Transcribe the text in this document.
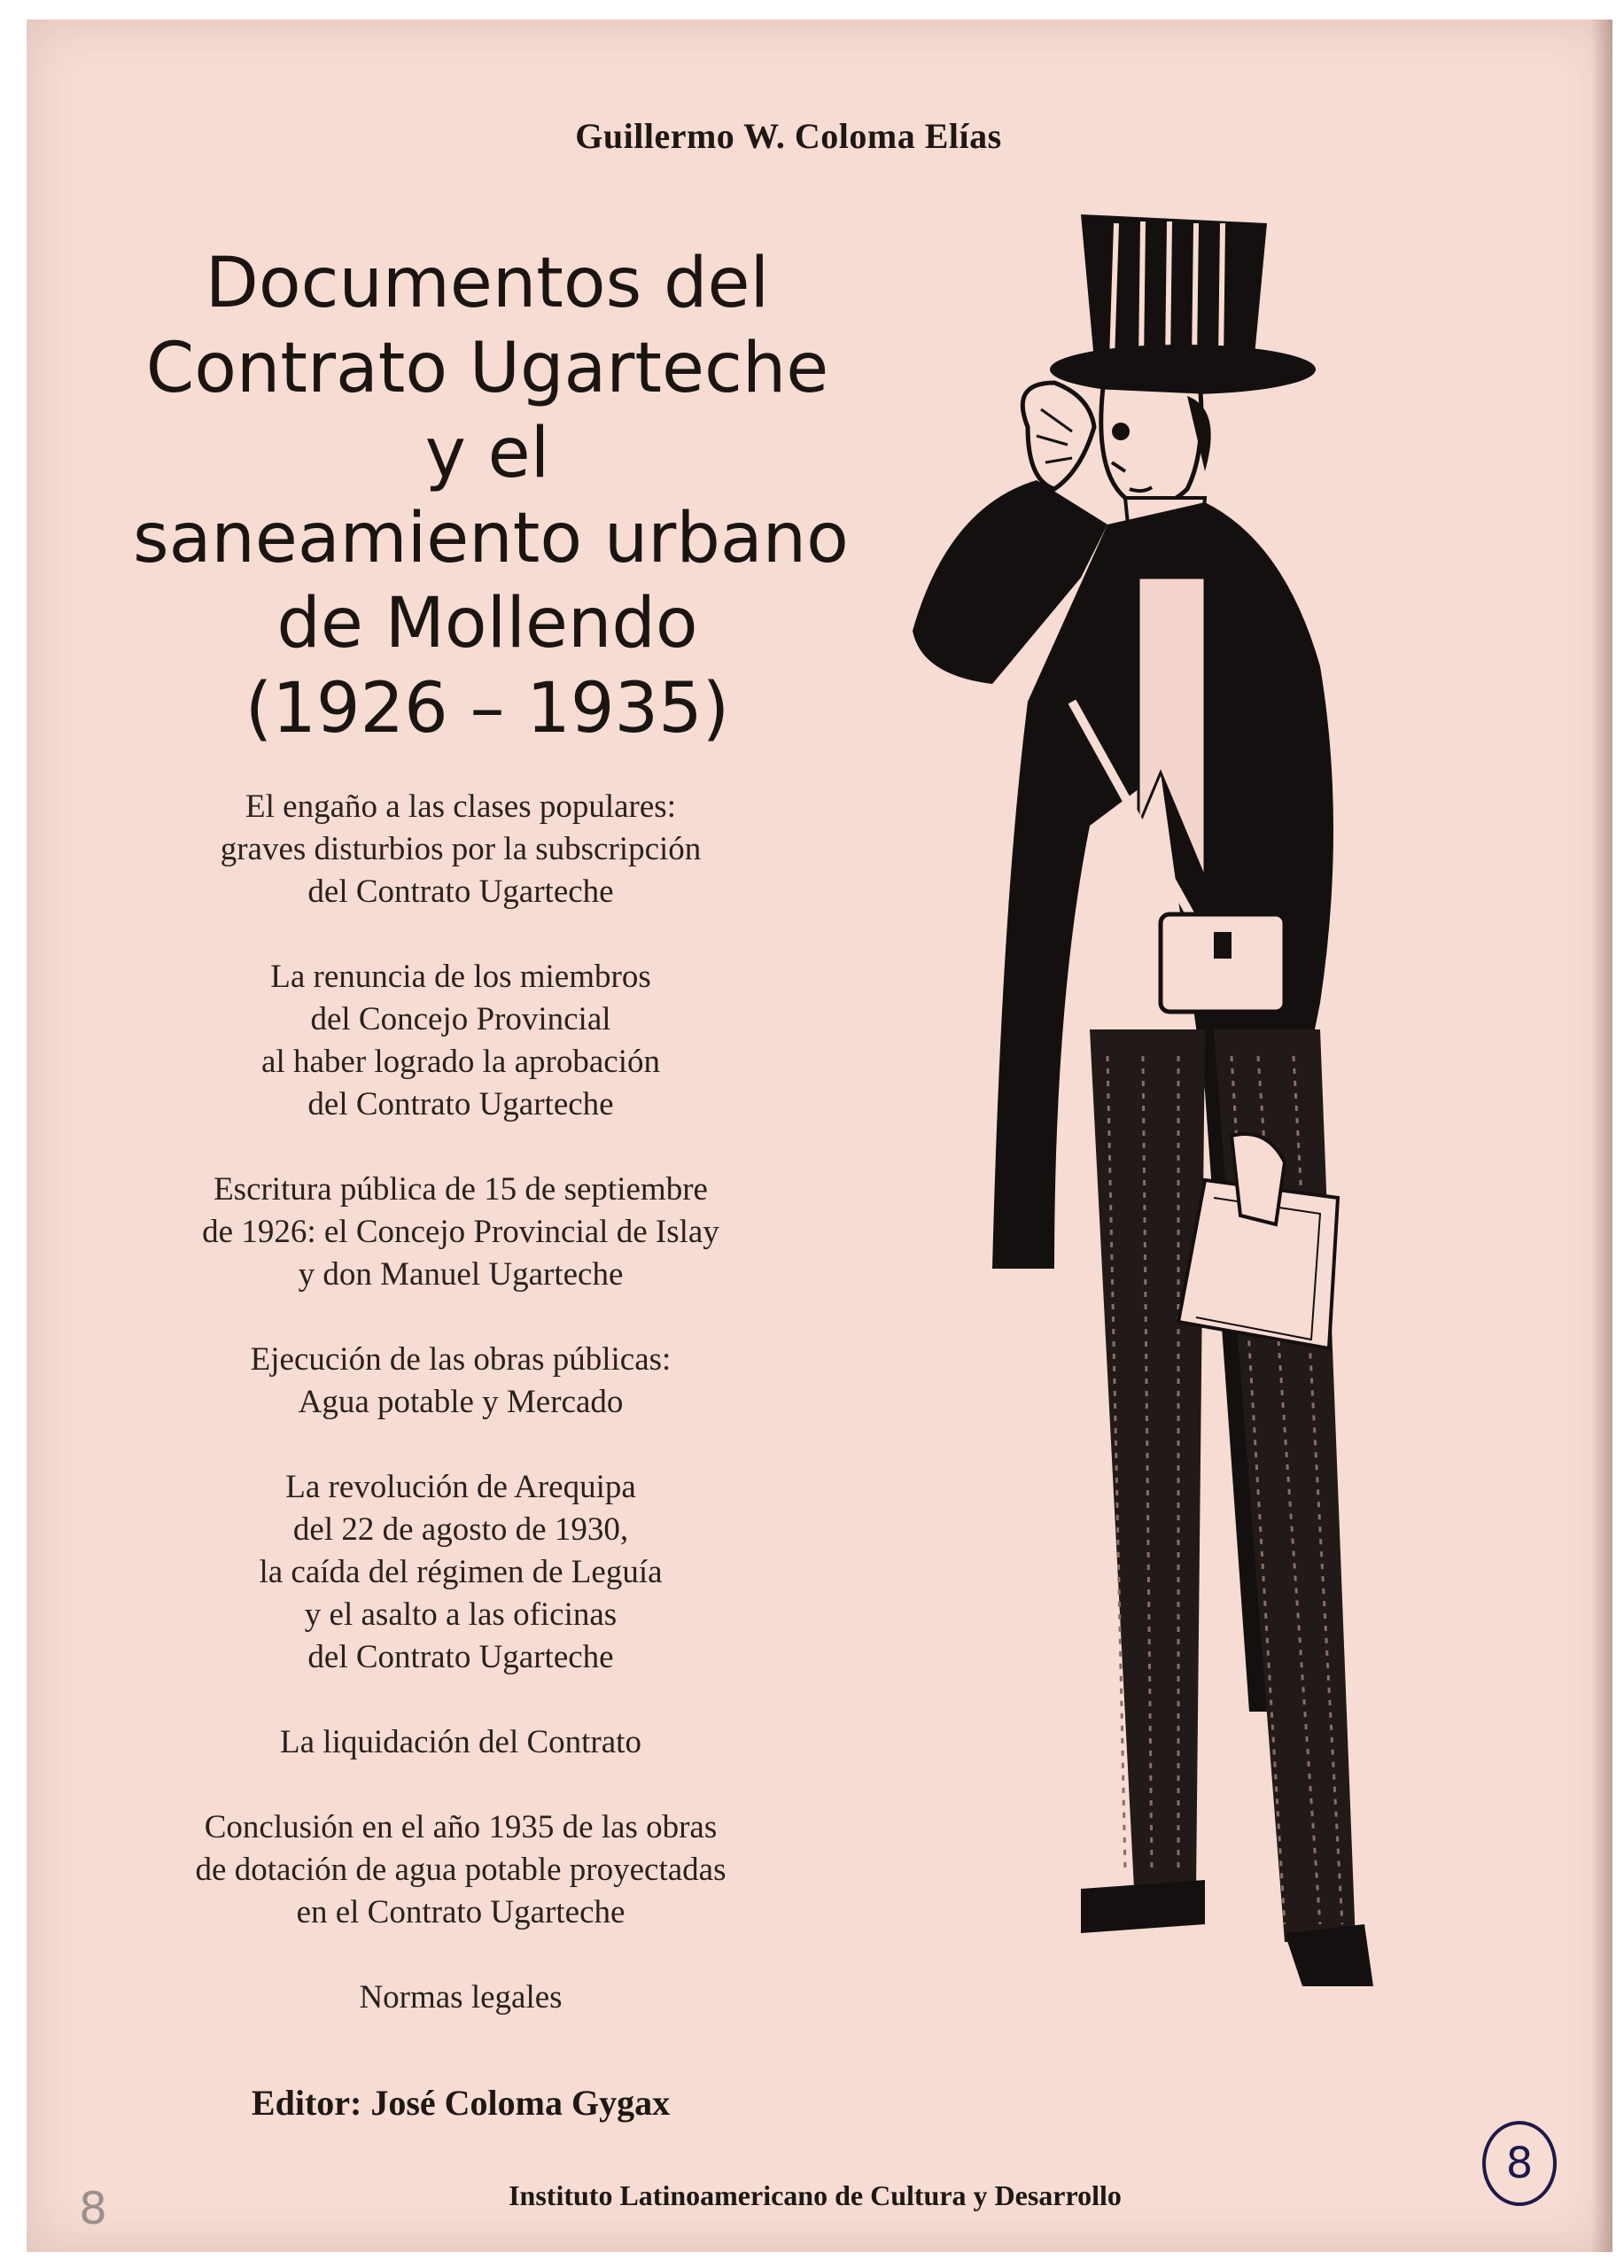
Guillermo W. Coloma Elías
Documentos del
Contrato Ugarteche
y el
saneamiento urbano
de Mollendo
(1926 – 1935)
El engaño a las clases populares:
graves disturbios por la subscripción
del Contrato Ugarteche
La renuncia de los miembros
del Concejo Provincial
al haber logrado la aprobación
del Contrato Ugarteche
Escritura pública de 15 de septiembre
de 1926: el Concejo Provincial de Islay
y don Manuel Ugarteche
Ejecución de las obras públicas:
Agua potable y Mercado
La revolución de Arequipa
del 22 de agosto de 1930,
la caída del régimen de Leguía
y el asalto a las oficinas
del Contrato Ugarteche
La liquidación del Contrato
Conclusión en el año 1935 de las obras
de dotación de agua potable proyectadas
en el Contrato Ugarteche
Normas legales
Editor: José Coloma Gygax
8
8	Instituto Latinoamericano de Cultura y Desarrollo
